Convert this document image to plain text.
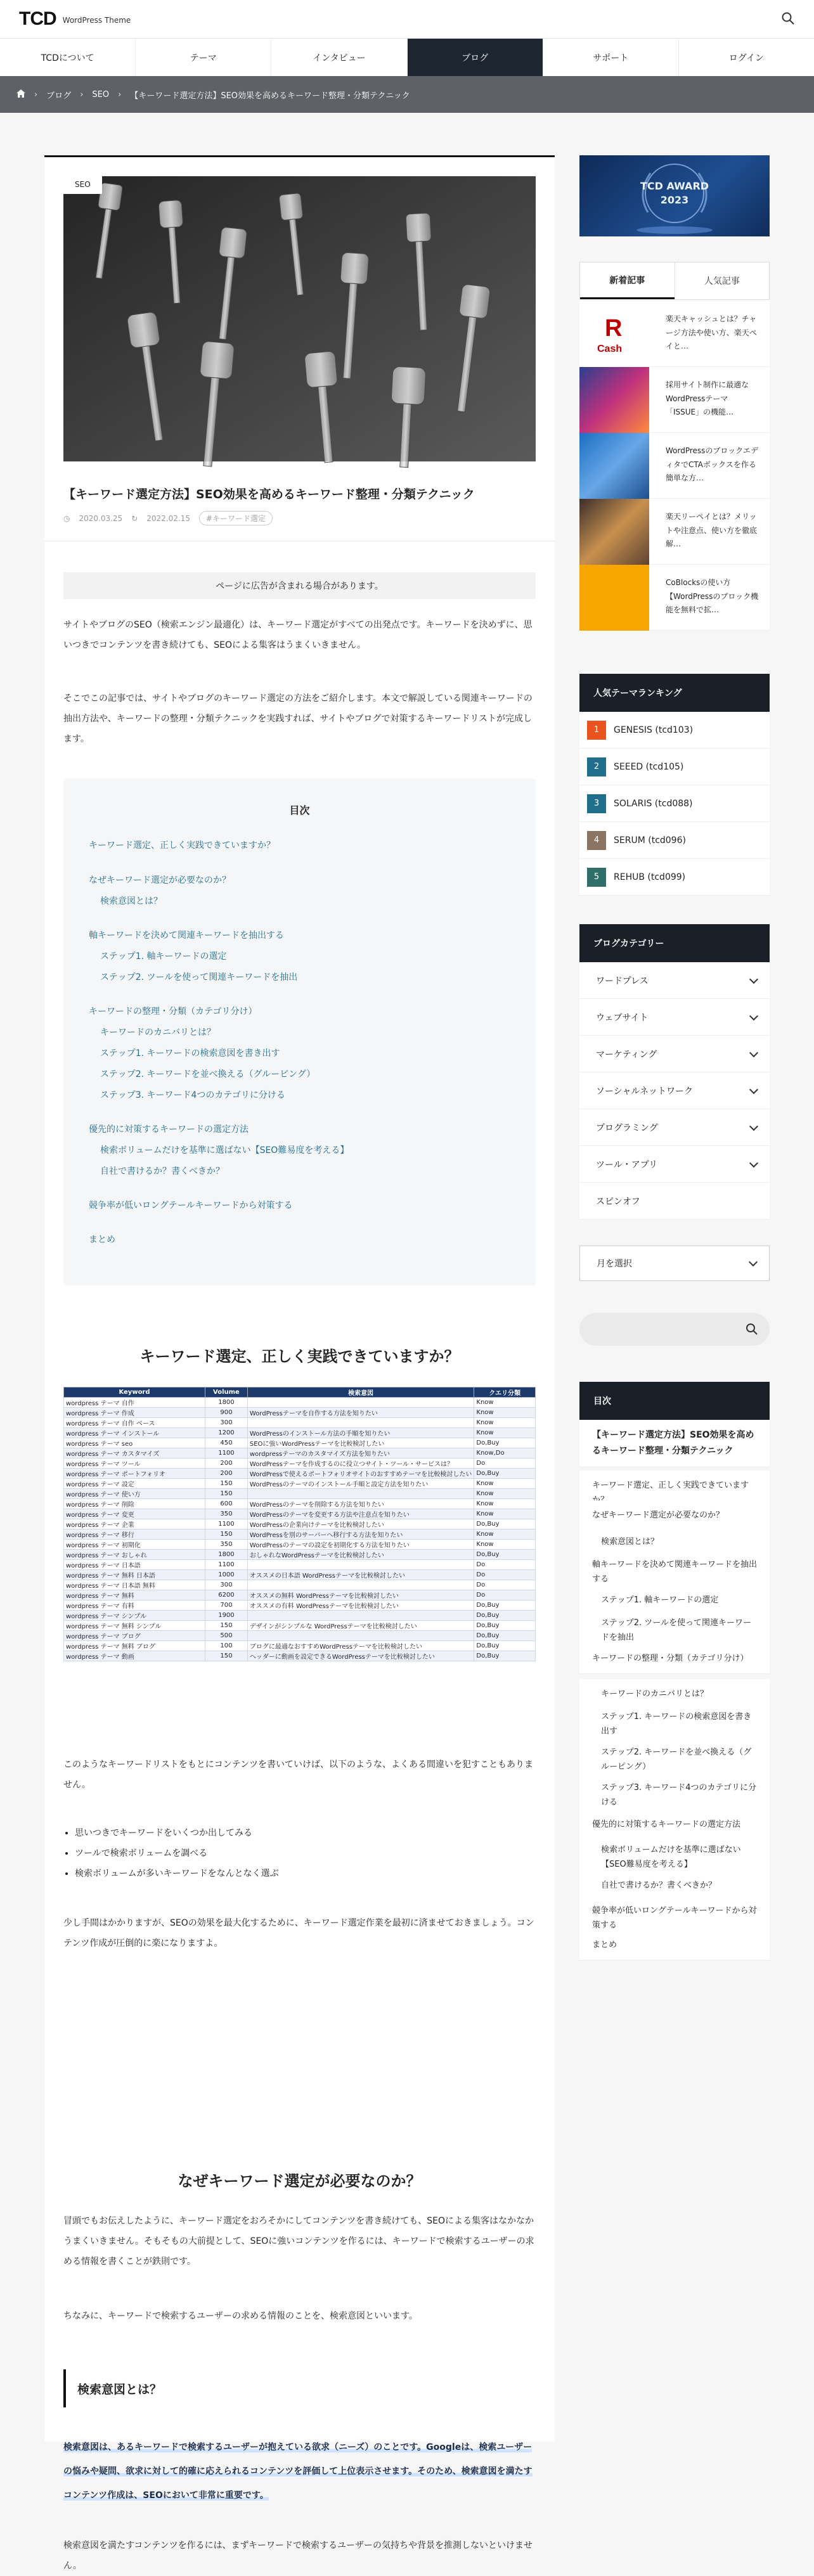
TCD WordPress Theme
TCDについて	テーマ	インタビュー	ブログ	サポート	ログイン
› ブログ › SEO › 【キーワード選定方法】SEO効果を高めるキーワード整理・分類テクニック
SEO
【キーワード選定方法】SEO効果を高めるキーワード整理・分類テクニック
◷ 2020.03.25 ↻ 2022.02.15	#キーワード選定
ページに広告が含まれる場合があります。

サイトやブログのSEO（検索エンジン最適化）は、キーワード選定がすべての出発点です。キーワードを決めずに、思いつきでコンテンツを書き続けても、SEOによる集客はうまくいきません。

そこでこの記事では、サイトやブログのキーワード選定の方法をご紹介します。本文で解説している関連キーワードの抽出方法や、キーワードの整理・分類テクニックを実践すれば、サイトやブログで対策するキーワードリストが完成します。

目次
キーワード選定、正しく実践できていますか？
なぜキーワード選定が必要なのか？
検索意図とは？
軸キーワードを決めて関連キーワードを抽出する
ステップ1. 軸キーワードの選定
ステップ2. ツールを使って関連キーワードを抽出
キーワードの整理・分類（カテゴリ分け）
キーワードのカニバリとは？
ステップ1. キーワードの検索意図を書き出す
ステップ2. キーワードを並べ換える（グルーピング）
ステップ3. キーワード4つのカテゴリに分ける
優先的に対策するキーワードの選定方法
検索ボリュームだけを基準に選ばない【SEO難易度を考える】
自社で書けるか？書くべきか？
競争率が低いロングテールキーワードから対策する
まとめ
キーワード選定、正しく実践できていますか？
Keyword	Volume	検索意図	クエリ分類
wordpress テーマ 自作	1800		Know
wordpress テーマ 作成	900	WordPressテーマを自作する方法を知りたい	Know
wordpress テーマ 自作 ベース	300		Know
wordpress テーマ インストール	1200	WordPressのインストール方法の手順を知りたい	Know
wordpress テーマ seo	450	SEOに強いWordPressテーマを比較検討したい	Do,Buy
wordpress テーマ カスタマイズ	1100	wordpressテーマのカスタマイズ方法を知りたい	Know,Do
wordpress テーマ ツール	200	WordPressテーマを作成するのに役立つサイト・ツール・サービスは？	Do
wordpress テーマ ポートフォリオ	200	WordPressで使えるポートフォリオサイトのおすすめテーマを比較検討したい	Do,Buy
wordpress テーマ 設定	150	WordPressのテーマのインストール手順と設定方法を知りたい	Know
wordpress テーマ 使い方	150		Know
wordpress テーマ 削除	600	WordPressのテーマを削除する方法を知りたい	Know
wordpress テーマ 変更	350	WordPressのテーマを変更する方法や注意点を知りたい	Know
wordpress テーマ 企業	1100	WordPressの企業向けテーマを比較検討したい	Do,Buy
wordpress テーマ 移行	150	WordPressを別のサーバーへ移行する方法を知りたい	Know
wordpress テーマ 初期化	350	WordPressのテーマの設定を初期化する方法を知りたい	Know
wordpress テーマ おしゃれ	1800	おしゃれなWordPressテーマを比較検討したい	Do,Buy
wordpress テーマ 日本語	1100		Do
wordpress テーマ 無料 日本語	1000	オススメの日本語 WordPressテーマを比較検討したい	Do
wordpress テーマ 日本語 無料	300		Do
wordpress テーマ 無料	6200	オススメの無料 WordPressテーマを比較検討したい	Do
wordpress テーマ 有料	700	オススメの有料 WordPressテーマを比較検討したい	Do,Buy
wordpress テーマ シンプル	1900		Do,Buy
wordpress テーマ 無料 シンプル	150	デザインがシンプルな WordPressテーマを比較検討したい	Do,Buy
wordpress テーマ ブログ	500		Do,Buy
wordpress テーマ 無料 ブログ	100	ブログに最適なおすすめWordPressテーマを比較検討したい	Do,Buy
wordpress テーマ 動画	150	ヘッダーに動画を設定できるWordPressテーマを比較検討したい	Do,Buy

このようなキーワードリストをもとにコンテンツを書いていけば、以下のような、よくある間違いを犯すこともありません。

• 思いつきでキーワードをいくつか出してみる
• ツールで検索ボリュームを調べる
• 検索ボリュームが多いキーワードをなんとなく選ぶ

少し手間はかかりますが、SEOの効果を最大化するために、キーワード選定作業を最初に済ませておきましょう。コンテンツ作成が圧倒的に楽になりますよ。

なぜキーワード選定が必要なのか？

冒頭でもお伝えしたように、キーワード選定をおろそかにしてコンテンツを書き続けても、SEOによる集客はなかなかうまくいきません。そもそもの大前提として、SEOに強いコンテンツを作るには、キーワードで検索するユーザーの求める情報を書くことが鉄則です。

ちなみに、キーワードで検索するユーザーの求める情報のことを、検索意図といいます。

検索意図とは？

検索意図は、あるキーワードで検索するユーザーが抱えている欲求（ニーズ）のことです。Googleは、検索ユーザーの悩みや疑問、欲求に対して的確に応えられるコンテンツを評価して上位表示させます。そのため、検索意図を満たすコンテンツ作成は、SEOにおいて非常に重要です。

検索意図を満たすコンテンツを作るには、まずキーワードで検索するユーザーの気持ちや背景を推測しないといけません。

TCD AWARD 2023
新着記事	人気記事
R
Cash
楽天キャッシュとは？チャージ方法や使い方、楽天ペイと…
採用サイト制作に最適なWordPressテーマ「ISSUE」の機能…
WordPressのブロックエディタでCTAボックスを作る簡単な方…
楽天リーペイとは？メリットや注意点、使い方を徹底解…
CoBlocksの使い方【WordPressのブロック機能を無料で拡…
人気テーマランキング
1	GENESIS (tcd103)
2	SEEED (tcd105)
3	SOLARIS (tcd088)
4	SERUM (tcd096)
5	REHUB (tcd099)
ブログカテゴリー
ワードプレス
ウェブサイト
マーケティング
ソーシャルネットワーク
プログラミング
ツール・アプリ
スピンオフ
月を選択
目次
【キーワード選定方法】SEO効果を高めるキーワード整理・分類テクニック
キーワード選定、正しく実践できています
なぜキーワード選定が必要なのか？
検索意図とは？
軸キーワードを決めて関連キーワードを抽出する
ステップ1. 軸キーワードの選定
ステップ2. ツールを使って関連キーワードを抽出
キーワードの整理・分類（カテゴリ分け）
キーワードのカニバリとは？
ステップ1. キーワードの検索意図を書き出す
ステップ2. キーワードを並べ換える（グルーピング）
ステップ3. キーワード4つのカテゴリに分ける
優先的に対策するキーワードの選定方法
検索ボリュームだけを基準に選ばない【SEO難易度を考える】
自社で書けるか？書くべきか？
競争率が低いロングテールキーワードから対策する
まとめ
